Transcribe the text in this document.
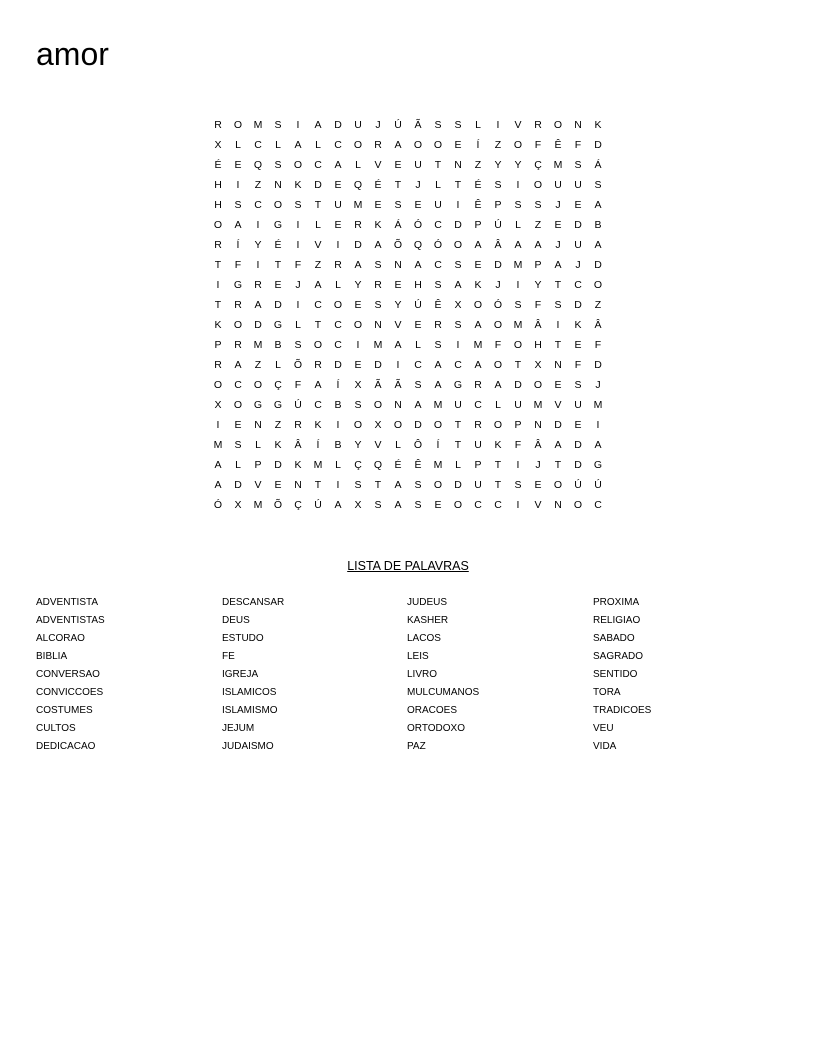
amor
R	O	M	S	I	A	D	U	J	Ú	Ã	S	S	L	I	V	R	O	N	K
X	L	C	L	A	L	C	O	R	A	O	O	E	Í	Z	O	F	Ê	F	D
É	E	Q	S	O	C	A	L	V	E	U	T	N	Z	Y	Y	Ç	M	S	Á
H	I	Z	N	K	D	E	Q	É	T	J	L	T	É	S	I	O	U	U	S
H	S	C	O	S	T	U	M	E	S	E	U	I	Ê	P	S	S	J	E	A
O	A	I	G	I	L	E	R	K	Á	Ó	C	D	P	Ú	L	Z	E	D	B
R	Í	Y	É	I	V	I	D	A	Õ	Q	Ó	O	A	Â	A	A	J	U	A
T	F	I	T	F	Z	R	A	S	N	A	C	S	E	D	M	P	A	J	D
I	G	R	E	J	A	L	Y	R	E	H	S	A	K	J	I	Y	T	C	O
T	R	A	D	I	C	O	E	S	Y	Ú	Ê	X	O	Ó	S	F	S	D	Z
K	O	D	G	L	T	C	O	N	V	E	R	S	A	O	M	Â	I	K	Â
P	R	M	B	S	O	C	I	M	A	L	S	I	M	F	O	H	T	E	F
R	A	Z	L	Õ	R	D	E	D	I	C	A	C	A	O	T	X	N	F	D
O	C	O	Ç	F	A	Í	X	Ã	Ã	S	A	G	R	A	D	O	E	S	J
X	O	G	G	Ú	C	B	S	O	N	A	M	U	C	L	U	M	V	U	M
I	E	N	Z	R	K	I	O	X	O	D	O	T	R	O	P	N	D	E	I
M	S	L	K	Â	Í	B	Y	V	L	Ô	Í	T	U	K	F	Â	A	D	A
A	L	P	D	K	M	L	Ç	Q	É	Ê	M	L	P	T	I	J	T	D	G
A	D	V	E	N	T	I	S	T	A	S	O	D	U	T	S	E	O	Ú	Ú
Ó	X	M	Õ	Ç	Ú	A	X	S	A	S	E	O	C	C	I	V	N	O	C
LISTA DE PALAVRAS
ADVENTISTA
ADVENTISTAS
ALCORAO
BIBLIA
CONVERSAO
CONVICCOES
COSTUMES
CULTOS
DEDICACAO
DESCANSAR
DEUS
ESTUDO
FE
IGREJA
ISLAMICOS
ISLAMISMO
JEJUM
JUDAISMO
JUDEUS
KASHER
LACOS
LEIS
LIVRO
MULCUMANOS
ORACOES
ORTODOXO
PAZ
PROXIMA
RELIGIAO
SABADO
SAGRADO
SENTIDO
TORA
TRADICOES
VEU
VIDA
